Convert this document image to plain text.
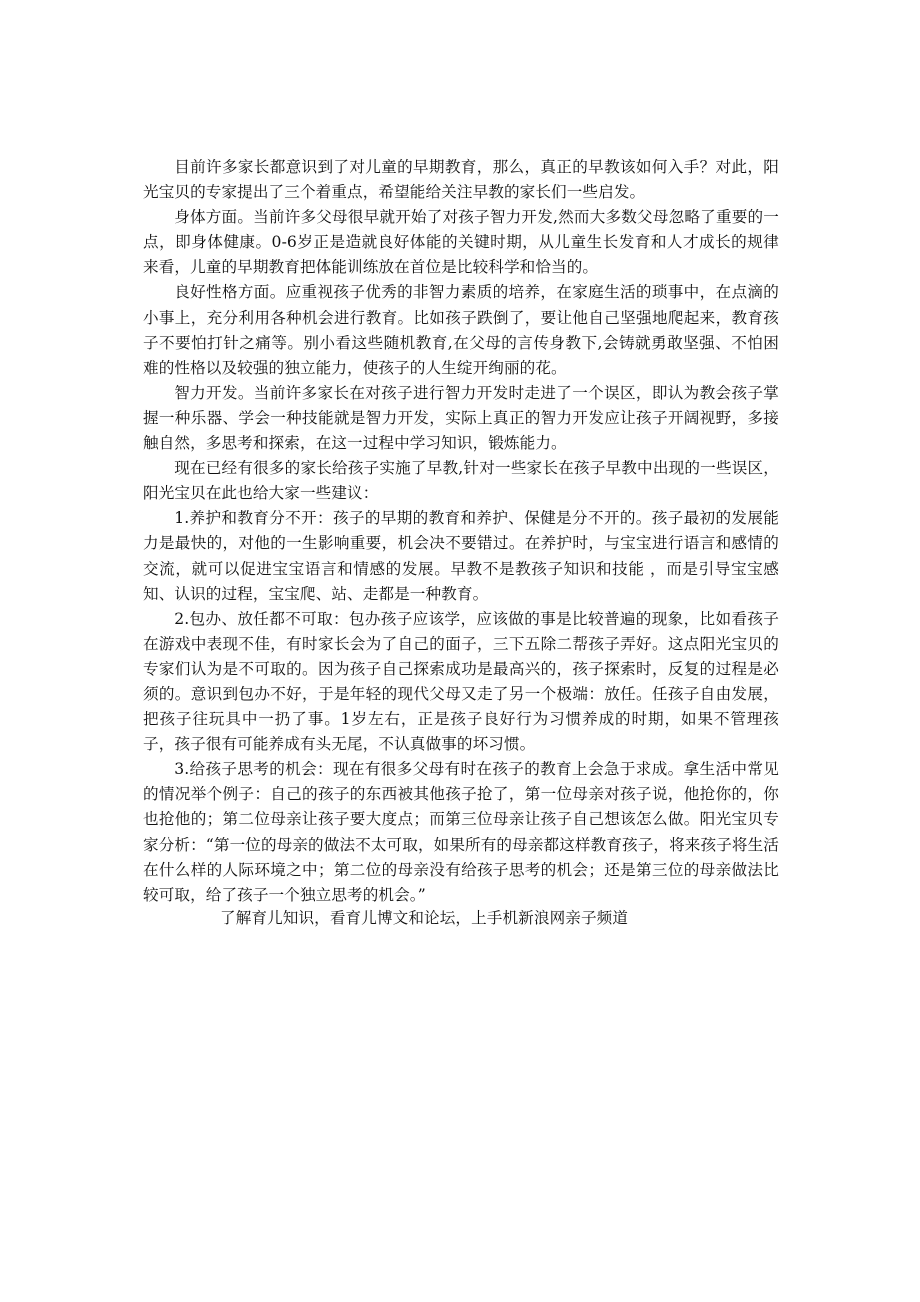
目前许多家长都意识到了对儿童的早期教育，那么，真正的早教该如何入手？对此，阳光宝贝的专家提出了三个着重点，希望能给关注早教的家长们一些启发。

身体方面。当前许多父母很早就开始了对孩子智力开发,然而大多数父母忽略了重要的一点，即身体健康。0-6岁正是造就良好体能的关键时期，从儿童生长发育和人才成长的规律来看，儿童的早期教育把体能训练放在首位是比较科学和恰当的。

良好性格方面。应重视孩子优秀的非智力素质的培养，在家庭生活的琐事中，在点滴的小事上，充分利用各种机会进行教育。比如孩子跌倒了，要让他自己坚强地爬起来，教育孩子不要怕打针之痛等。别小看这些随机教育,在父母的言传身教下,会铸就勇敢坚强、不怕困难的性格以及较强的独立能力，使孩子的人生绽开绚丽的花。

智力开发。当前许多家长在对孩子进行智力开发时走进了一个误区，即认为教会孩子掌握一种乐器、学会一种技能就是智力开发，实际上真正的智力开发应让孩子开阔视野，多接触自然，多思考和探索，在这一过程中学习知识，锻炼能力。

现在已经有很多的家长给孩子实施了早教,针对一些家长在孩子早教中出现的一些误区，阳光宝贝在此也给大家一些建议：

1.养护和教育分不开：孩子的早期的教育和养护、保健是分不开的。孩子最初的发展能力是最快的，对他的一生影响重要，机会决不要错过。在养护时，与宝宝进行语言和感情的交流，就可以促进宝宝语言和情感的发展。早教不是教孩子知识和技能 ，而是引导宝宝感知、认识的过程，宝宝爬、站、走都是一种教育。

2.包办、放任都不可取：包办孩子应该学，应该做的事是比较普遍的现象，比如看孩子在游戏中表现不佳，有时家长会为了自己的面子，三下五除二帮孩子弄好。这点阳光宝贝的专家们认为是不可取的。因为孩子自己探索成功是最高兴的，孩子探索时，反复的过程是必须的。意识到包办不好，于是年轻的现代父母又走了另一个极端：放任。任孩子自由发展，把孩子往玩具中一扔了事。1岁左右，正是孩子良好行为习惯养成的时期，如果不管理孩子，孩子很有可能养成有头无尾，不认真做事的坏习惯。

3.给孩子思考的机会：现在有很多父母有时在孩子的教育上会急于求成。拿生活中常见的情况举个例子：自己的孩子的东西被其他孩子抢了，第一位母亲对孩子说，他抢你的，你也抢他的；第二位母亲让孩子要大度点；而第三位母亲让孩子自己想该怎么做。阳光宝贝专家分析：“第一位的母亲的做法不太可取，如果所有的母亲都这样教育孩子，将来孩子将生活在什么样的人际环境之中；第二位的母亲没有给孩子思考的机会；还是第三位的母亲做法比较可取，给了孩子一个独立思考的机会。”

了解育儿知识，看育儿博文和论坛，上手机新浪网亲子频道
